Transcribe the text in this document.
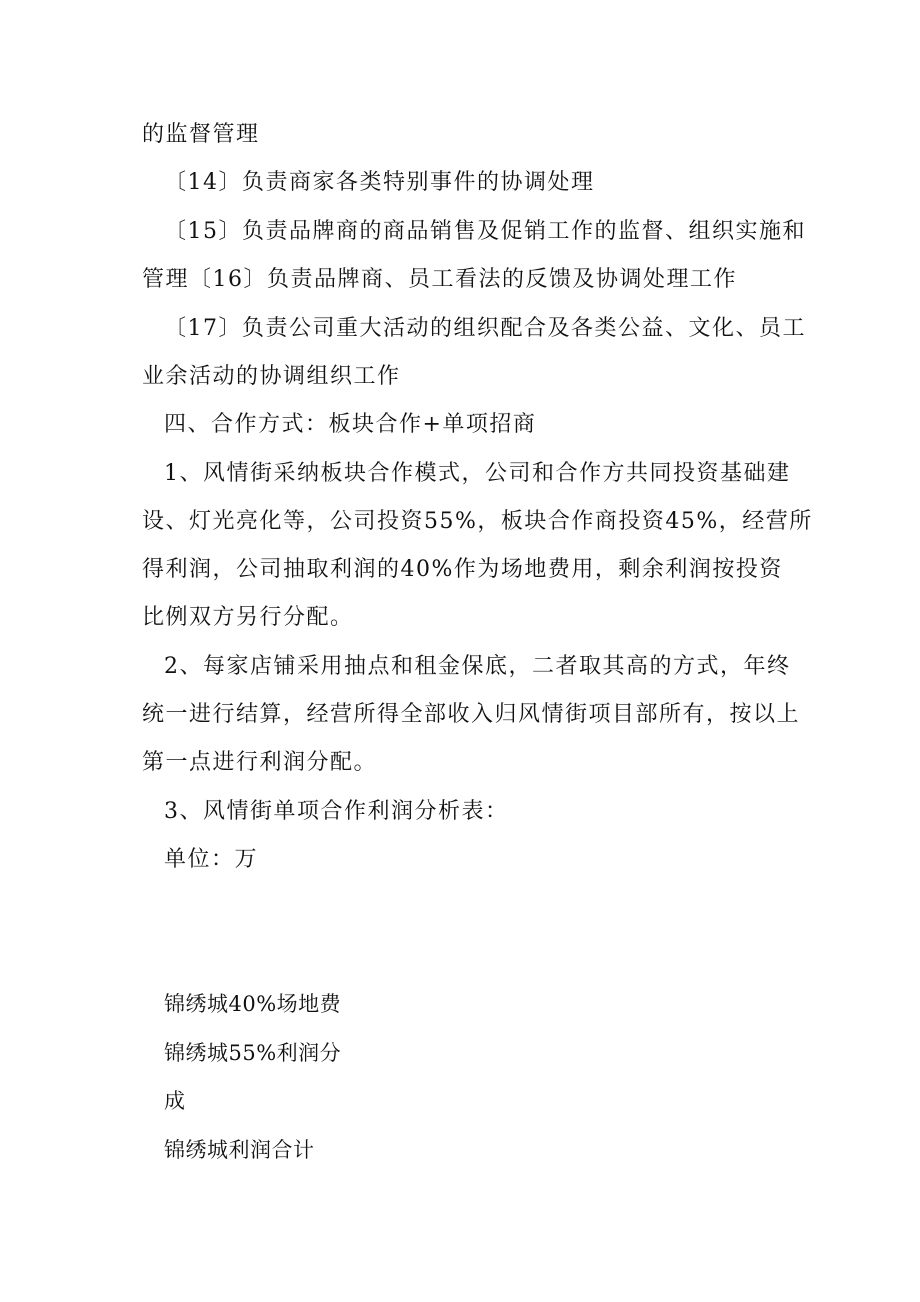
的监督管理
〔14〕负责商家各类特别事件的协调处理
〔15〕负责品牌商的商品销售及促销工作的监督、组织实施和
管理〔16〕负责品牌商、员工看法的反馈及协调处理工作
〔17〕负责公司重大活动的组织配合及各类公益、文化、员工
业余活动的协调组织工作
四、合作方式：板块合作+单项招商
1、风情街采纳板块合作模式，公司和合作方共同投资基础建
设、灯光亮化等，公司投资55%，板块合作商投资45%，经营所
得利润，公司抽取利润的40%作为场地费用，剩余利润按投资
比例双方另行分配。
2、每家店铺采用抽点和租金保底，二者取其高的方式，年终
统一进行结算，经营所得全部收入归风情街项目部所有，按以上
第一点进行利润分配。
3、风情街单项合作利润分析表：
单位：万
锦绣城40%场地费
锦绣城55%利润分
成
锦绣城利润合计
